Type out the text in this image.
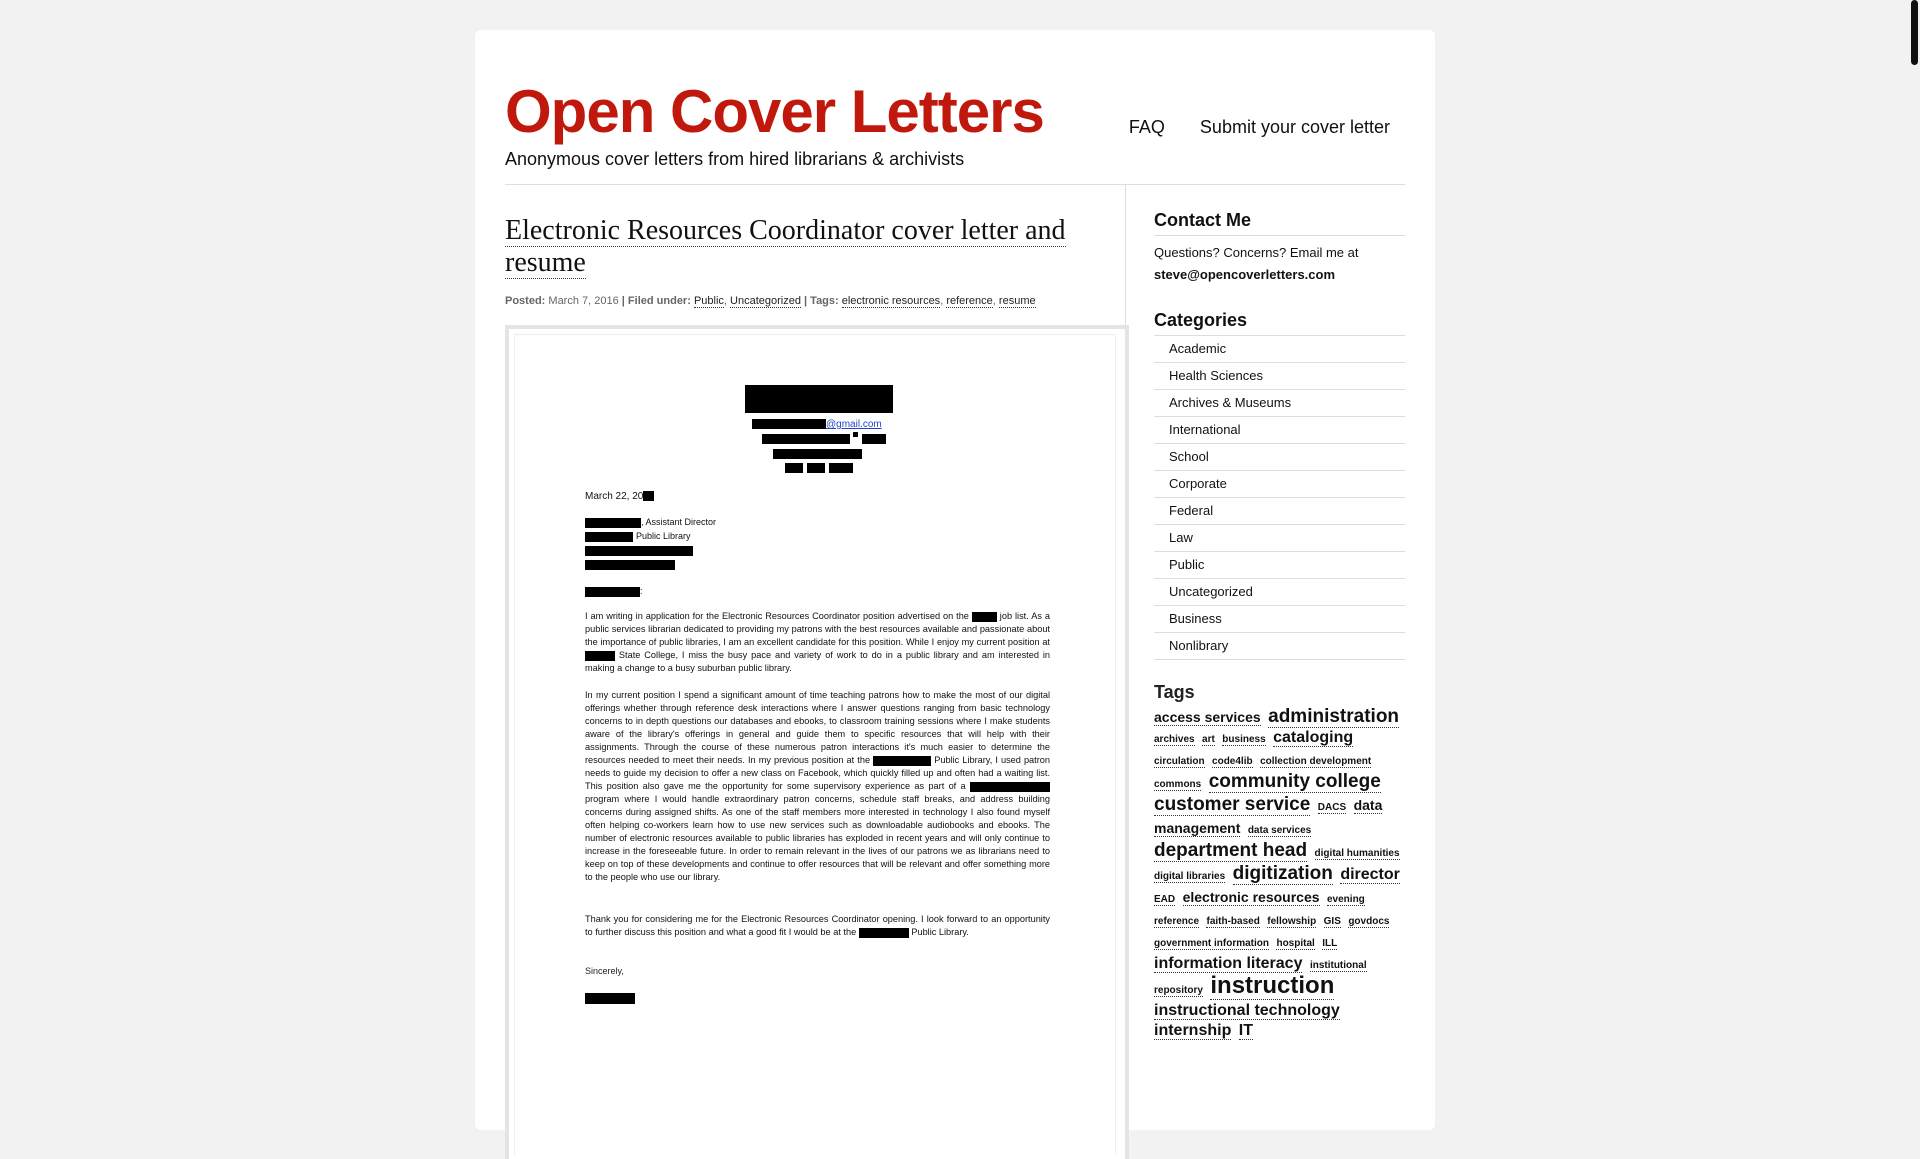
Open Cover Letters
Anonymous cover letters from hired librarians & archivists
FAQ Submit your cover letter
Electronic Resources Coordinator cover letter and resume
Posted: March 7, 2016 | Filed under: Public, Uncategorized | Tags: electronic resources, reference, resume
@gmail.com
March 22, 20
, Assistant Director
Public Library
:

I am writing in application for the Electronic Resources Coordinator position advertised on the	job list. As a public services librarian dedicated to providing my patrons with the best resources available and passionate about the importance of public libraries, I am an excellent candidate for this position. While I enjoy my current position at  State College, I miss the busy pace and variety of work to do in a public library and am interested in making a change to a busy suburban public library.

In my current position I spend a significant amount of time teaching patrons how to make the most of our digital offerings whether through reference desk interactions where I answer questions ranging from basic technology concerns to in depth questions our databases and ebooks, to classroom training sessions where I make students aware of the library's offerings in general and guide them to specific resources that will help with their assignments. Through the course of these numerous patron interactions it's much easier to determine the resources needed to meet their needs. In my previous position at the	Public Library, I used patron needs to guide my decision to offer a new class on Facebook, which quickly filled up and often had a waiting list. This position also gave me the opportunity for some supervisory experience as part of a  program where I would handle extraordinary patron concerns, schedule staff breaks, and address building concerns during assigned shifts. As one of the staff members more interested in technology I also found myself often helping co-workers learn how to use new services such as downloadable audiobooks and ebooks. The number of electronic resources available to public libraries has exploded in recent years and will only continue to increase in the foreseeable future. In order to remain relevant in the lives of our patrons we as librarians need to keep on top of these developments and continue to offer resources that will be relevant and offer something more to the people who use our library.

Thank you for considering me for the Electronic Resources Coordinator opening. I look forward to an opportunity to further discuss this position and what a good fit I would be at the	Public Library.

Sincerely,
Contact Me
Questions? Concerns? Email me at
steve@opencoverletters.com
Categories
Academic
Health Sciences
Archives & Museums
International
School
Corporate
Federal
Law
Public
Uncategorized
Business
Nonlibrary
Tags
access services administration archives art business cataloging circulation code4lib collection development commons community college customer service DACS data management data services department head digital humanities digital libraries digitization director EAD electronic resources evening reference faith-based fellowship GIS govdocs government information hospital ILL information literacy institutional repository instruction instructional technology internship IT
